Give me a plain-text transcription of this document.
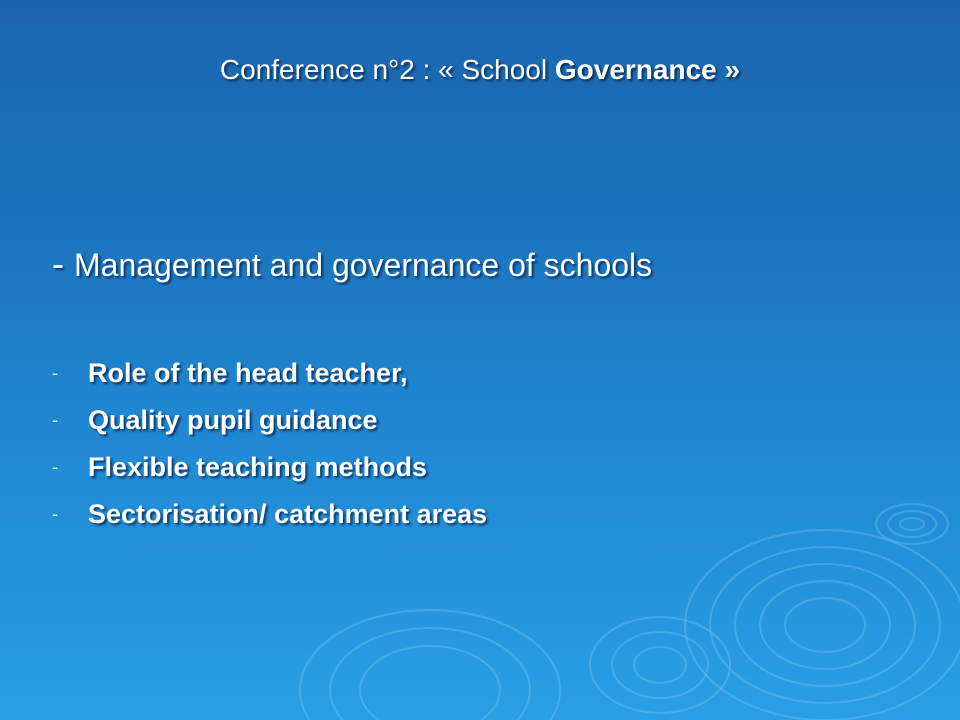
Conference n°2 : « School Governance »
- Management and governance of schools
-	Role of the head teacher,
-	Quality pupil guidance
-	Flexible teaching methods
-	Sectorisation/ catchment areas
